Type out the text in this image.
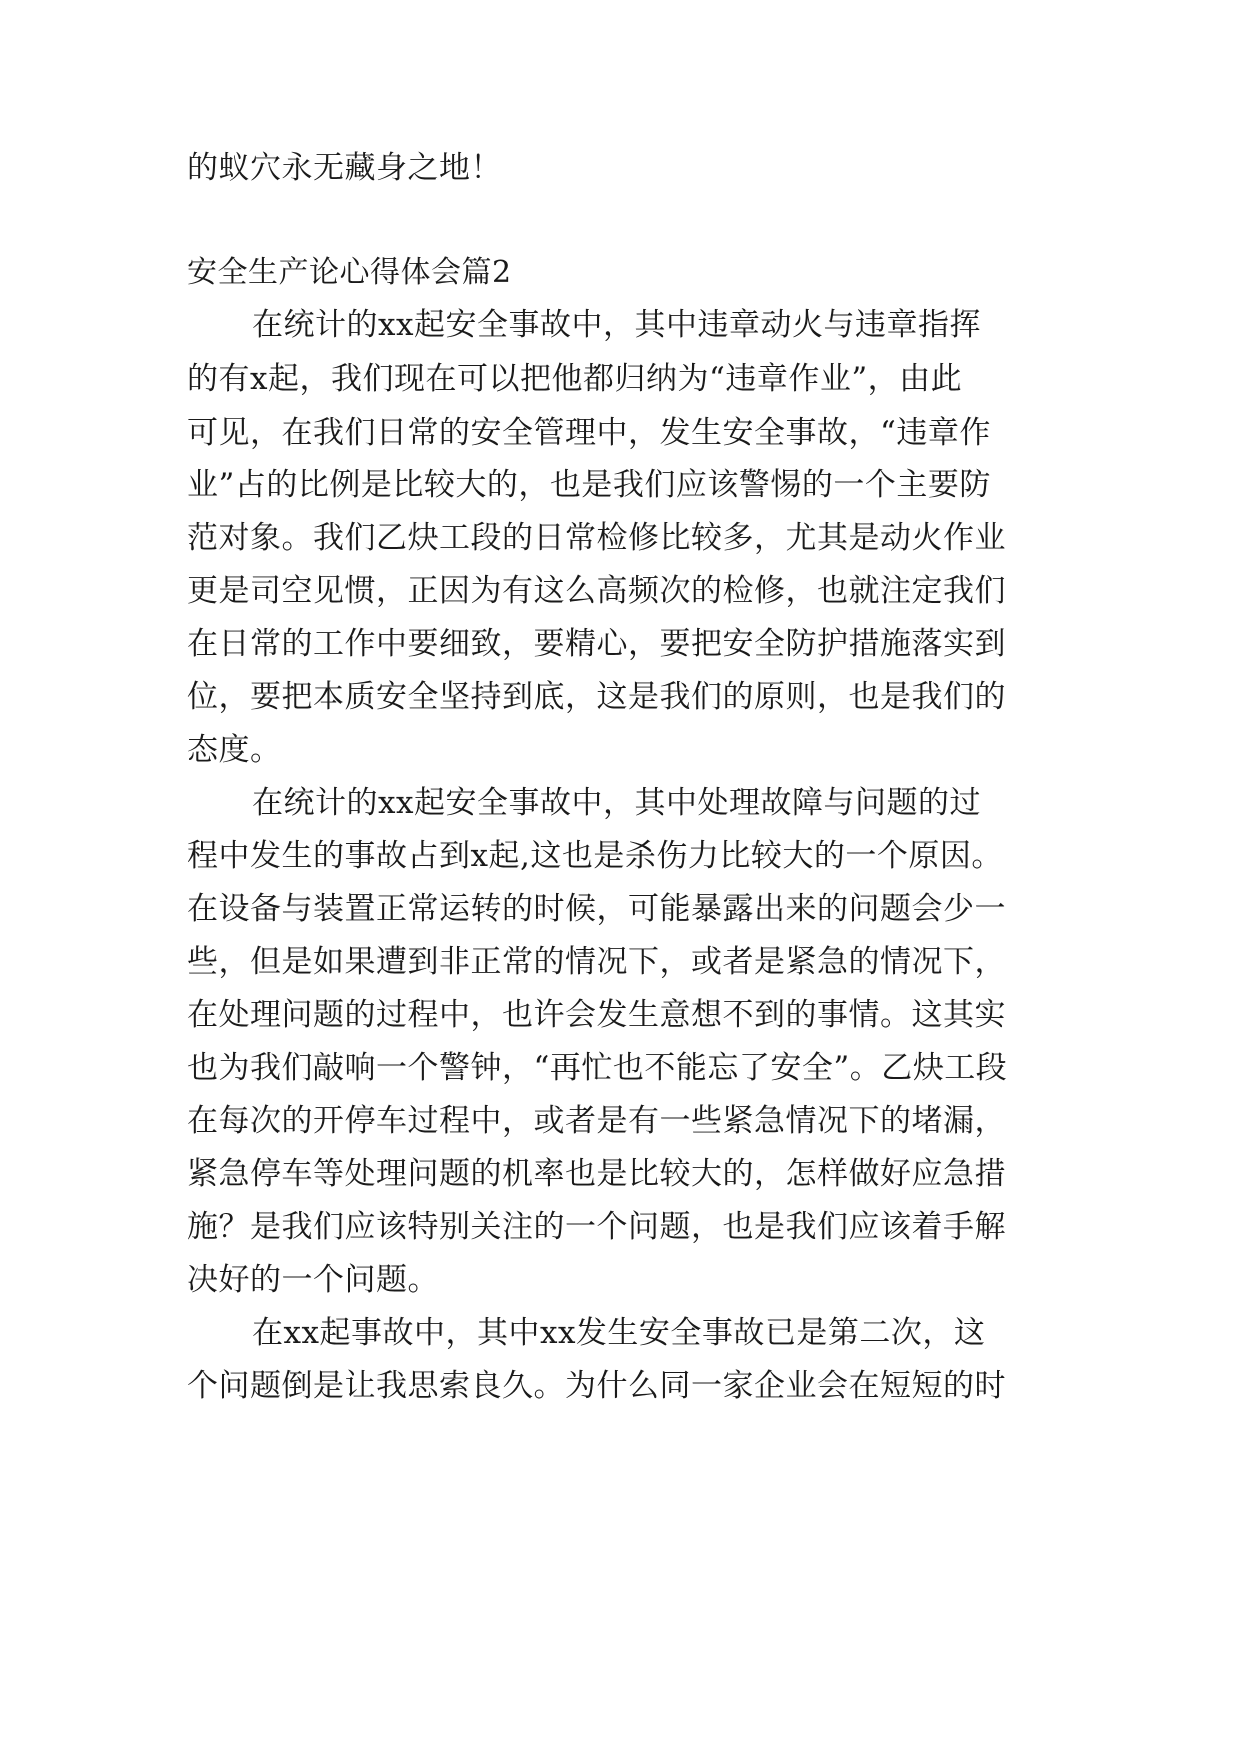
的蚁穴永无藏身之地！
安全生产论心得体会篇2
在统计的xx起安全事故中，其中违章动火与违章指挥
的有x起，我们现在可以把他都归纳为“违章作业”，由此
可见，在我们日常的安全管理中，发生安全事故，“违章作
业”占的比例是比较大的，也是我们应该警惕的一个主要防
范对象。我们乙炔工段的日常检修比较多，尤其是动火作业
更是司空见惯，正因为有这么高频次的检修，也就注定我们
在日常的工作中要细致，要精心，要把安全防护措施落实到
位，要把本质安全坚持到底，这是我们的原则，也是我们的
态度。
在统计的xx起安全事故中，其中处理故障与问题的过
程中发生的事故占到x起,这也是杀伤力比较大的一个原因。
在设备与装置正常运转的时候，可能暴露出来的问题会少一
些，但是如果遭到非正常的情况下，或者是紧急的情况下，
在处理问题的过程中，也许会发生意想不到的事情。这其实
也为我们敲响一个警钟，“再忙也不能忘了安全”。乙炔工段
在每次的开停车过程中，或者是有一些紧急情况下的堵漏，
紧急停车等处理问题的机率也是比较大的，怎样做好应急措
施？是我们应该特别关注的一个问题，也是我们应该着手解
决好的一个问题。
在xx起事故中，其中xx发生安全事故已是第二次，这
个问题倒是让我思索良久。为什么同一家企业会在短短的时
